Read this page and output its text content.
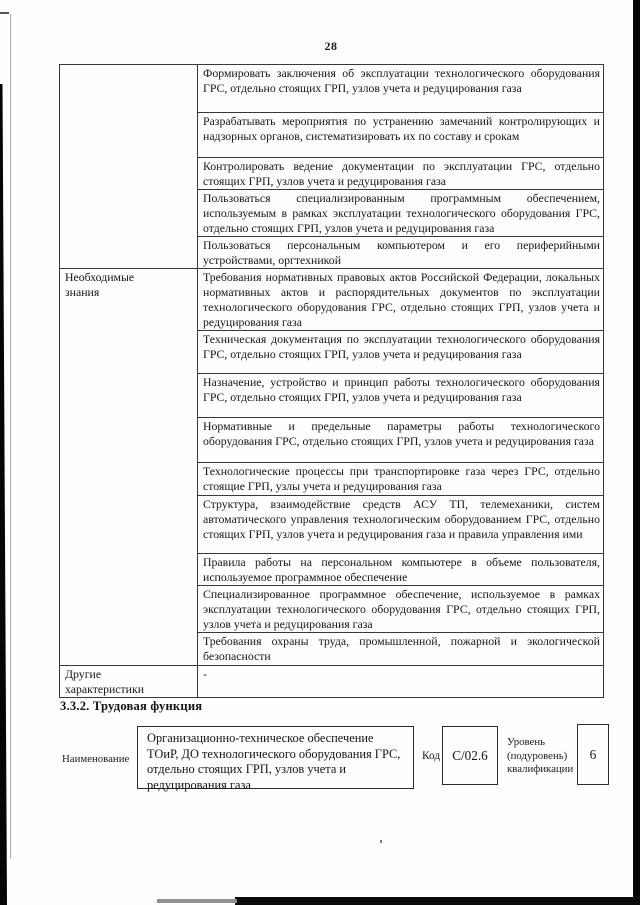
28

	Формировать заключения об эксплуатации технологического оборудования ГРС, отдельно стоящих ГРП, узлов учета и редуцирования газа

	Разрабатывать мероприятия по устранению замечаний контролирующих и надзорных органов, систематизировать их по составу и срокам

	Контролировать ведение документации по эксплуатации ГРС, отдельно стоящих ГРП, узлов учета и редуцирования газа

	Пользоваться специализированным программным обеспечением, используемым в рамках эксплуатации технологического оборудования ГРС, отдельно стоящих ГРП, узлов учета и редуцирования газа

	Пользоваться персональным компьютером и его периферийными устройствами, оргтехникой

Необходимые знания	Требования нормативных правовых актов Российской Федерации, локальных нормативных актов и распорядительных документов по эксплуатации технологического оборудования ГРС, отдельно стоящих ГРП, узлов учета и редуцирования газа

	Техническая документация по эксплуатации технологического оборудования ГРС, отдельно стоящих ГРП, узлов учета и редуцирования газа

	Назначение, устройство и принцип работы технологического оборудования ГРС, отдельно стоящих ГРП, узлов учета и редуцирования газа

	Нормативные и предельные параметры работы технологического оборудования ГРС, отдельно стоящих ГРП, узлов учета и редуцирования газа

	Технологические процессы при транспортировке газа через ГРС, отдельно стоящие ГРП, узлы учета и редуцирования газа

	Структура, взаимодействие средств АСУ ТП, телемеханики, систем автоматического управления технологическим оборудованием ГРС, отдельно стоящих ГРП, узлов учета и редуцирования газа и правила управления ими

	Правила работы на персональном компьютере в объеме пользователя, используемое программное обеспечение

	Специализированное программное обеспечение, используемое в рамках эксплуатации технологического оборудования ГРС, отдельно стоящих ГРП, узлов учета и редуцирования газа

	Требования охраны труда, промышленной, пожарной и экологической безопасности

Другие характеристики	-
3.3.2. Трудовая функция
Наименование
Организационно-техническое обеспечение ТОиР, ДО технологического оборудования ГРС, отдельно стоящих ГРП, узлов учета и редуцирования газа
Код С/02.6
Уровень
(подуровень)
квалификации
6
